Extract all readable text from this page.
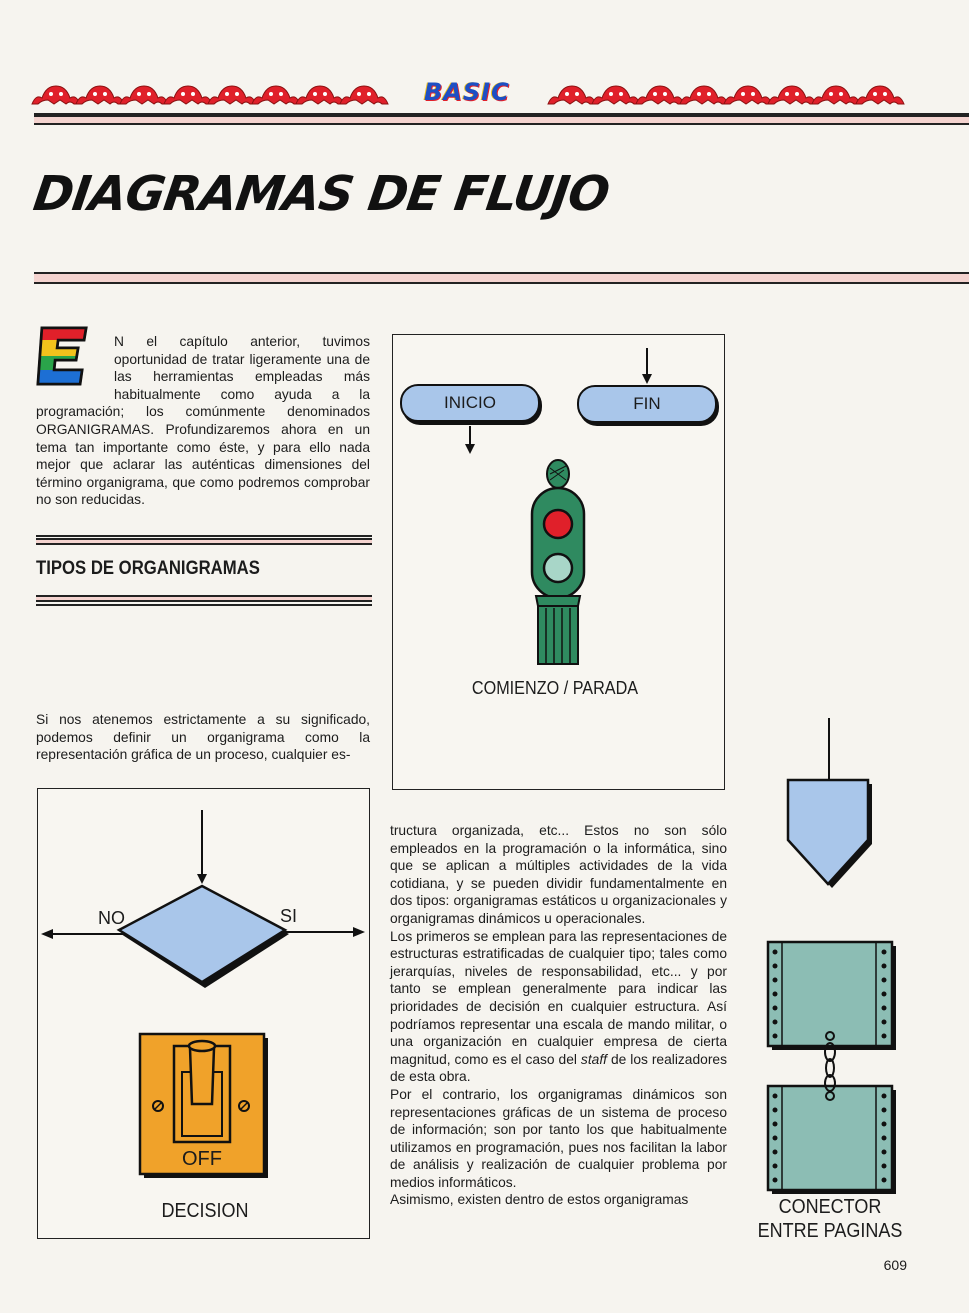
BASIC
DIAGRAMAS DE FLUJO
E

N el capítulo anterior, tuvimos oportunidad de tratar ligeramente una de las herramientas empleadas más habitualmente como ayuda a la programación; los comúnmente denominados ORGANIGRAMAS. Profundizaremos ahora en un tema tan importante como éste, y para ello nada mejor que aclarar las auténticas dimensiones del término organigrama, que como podremos comprobar no son reducidas.

TIPOS DE ORGANIGRAMAS
Si nos atenemos estrictamente a su significado, podemos definir un organigrama como la representación gráfica de un proceso, cualquier es-
INICIO	FIN
COMIENZO / PARADA
NO	SI
OFF
DECISION

tructura organizada, etc... Estos no son sólo empleados en la programación o la informática, sino que se aplican a múltiples actividades de la vida cotidiana, y se pueden dividir fundamentalmente en dos tipos: organigramas estáticos u organizacionales y organigramas dinámicos u operacionales.

Los primeros se emplean para las representaciones de estructuras estratificadas de cualquier tipo; tales como jerarquías, niveles de responsabilidad, etc... y por tanto se emplean generalmente para indicar las prioridades de decisión en cualquier estructura. Así podríamos representar una escala de mando militar, o una organización en cualquier empresa de cierta magnitud, como es el caso del staff de los realizadores de esta obra.

Por el contrario, los organigramas dinámicos son representaciones gráficas de un sistema de proceso de información; son por tanto los que habitualmente utilizamos en programación, pues nos facilitan la labor de análisis y realización de cualquier problema por medios informáticos.

Asimismo, existen dentro de estos organigramas	CONECTOR
ENTRE PAGINAS
609
